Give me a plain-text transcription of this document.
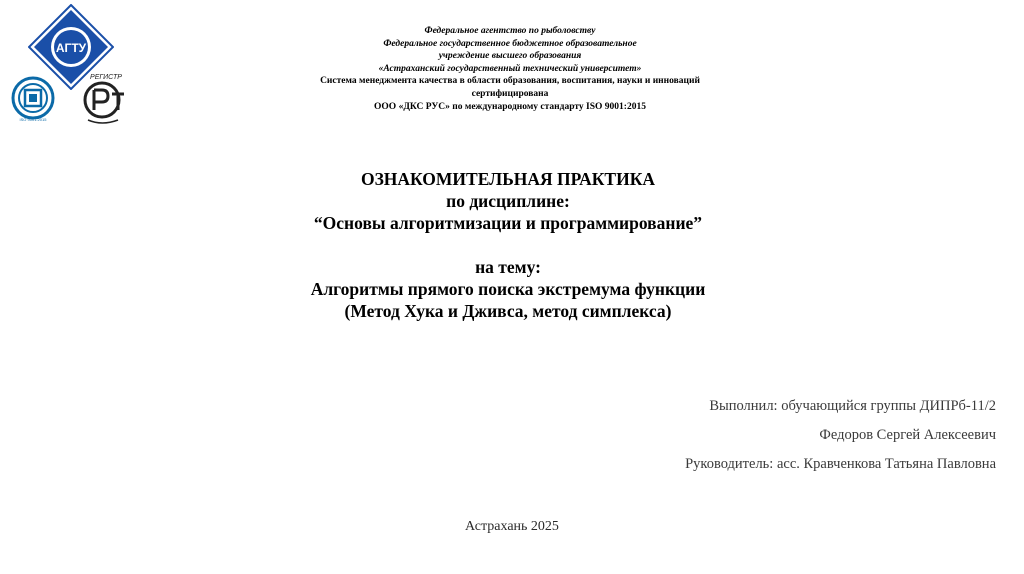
АГТУ
ISO 9001:2015
РЕГИСТР
Федеральное агентство по рыболовству
Федеральное государственное бюджетное образовательное
учреждение высшего образования
«Астраханский государственный технический университет»
Система менеджмента качества в области образования, воспитания, науки и инноваций
сертифицирована
ООО «ДКС РУС» по международному стандарту ISO 9001:2015
ОЗНАКОМИТЕЛЬНАЯ ПРАКТИКА
по дисциплине:
“Основы алгоритмизации и программирование”
на тему:
Алгоритмы прямого поиска экстремума функции
(Метод Хука и Дживса, метод симплекса)
Выполнил: обучающийся группы ДИПРб-11/2
Федоров Сергей Алексеевич
Руководитель: асс. Кравченкова Татьяна Павловна
Астрахань 2025
